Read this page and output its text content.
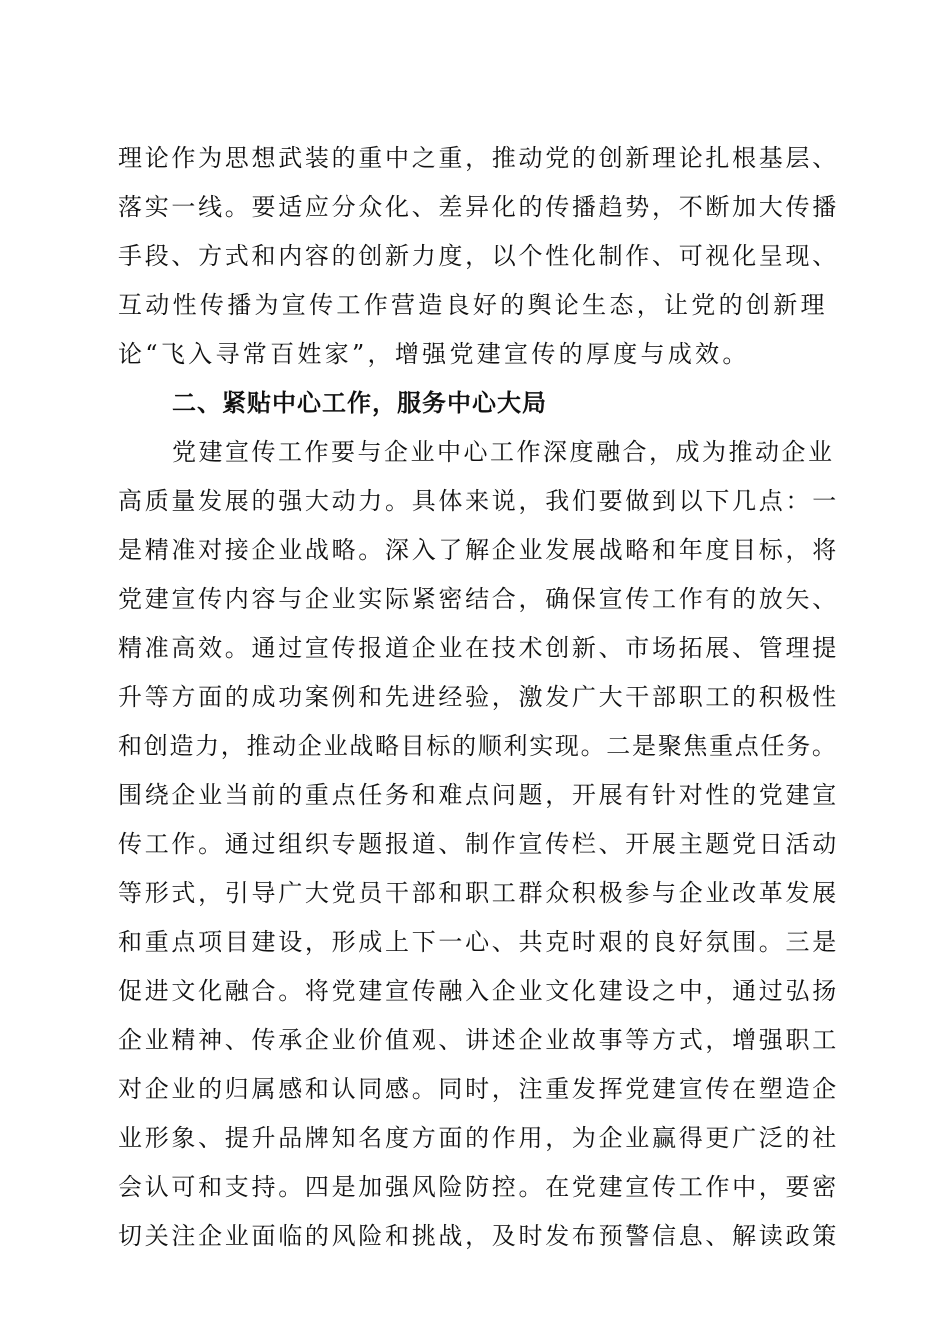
理论作为思想武装的重中之重，推动党的创新理论扎根基层、
落实一线。要适应分众化、差异化的传播趋势，不断加大传播
手段、方式和内容的创新力度，以个性化制作、可视化呈现、
互动性传播为宣传工作营造良好的舆论生态，让党的创新理
论“飞入寻常百姓家”，增强党建宣传的厚度与成效。
二、紧贴中心工作，服务中心大局
党建宣传工作要与企业中心工作深度融合，成为推动企业
高质量发展的强大动力。具体来说，我们要做到以下几点：一
是精准对接企业战略。深入了解企业发展战略和年度目标，将
党建宣传内容与企业实际紧密结合，确保宣传工作有的放矢、
精准高效。通过宣传报道企业在技术创新、市场拓展、管理提
升等方面的成功案例和先进经验，激发广大干部职工的积极性
和创造力，推动企业战略目标的顺利实现。二是聚焦重点任务。
围绕企业当前的重点任务和难点问题，开展有针对性的党建宣
传工作。通过组织专题报道、制作宣传栏、开展主题党日活动
等形式，引导广大党员干部和职工群众积极参与企业改革发展
和重点项目建设，形成上下一心、共克时艰的良好氛围。三是
促进文化融合。将党建宣传融入企业文化建设之中，通过弘扬
企业精神、传承企业价值观、讲述企业故事等方式，增强职工
对企业的归属感和认同感。同时，注重发挥党建宣传在塑造企
业形象、提升品牌知名度方面的作用，为企业赢得更广泛的社
会认可和支持。四是加强风险防控。在党建宣传工作中，要密
切关注企业面临的风险和挑战，及时发布预警信息、解读政策
